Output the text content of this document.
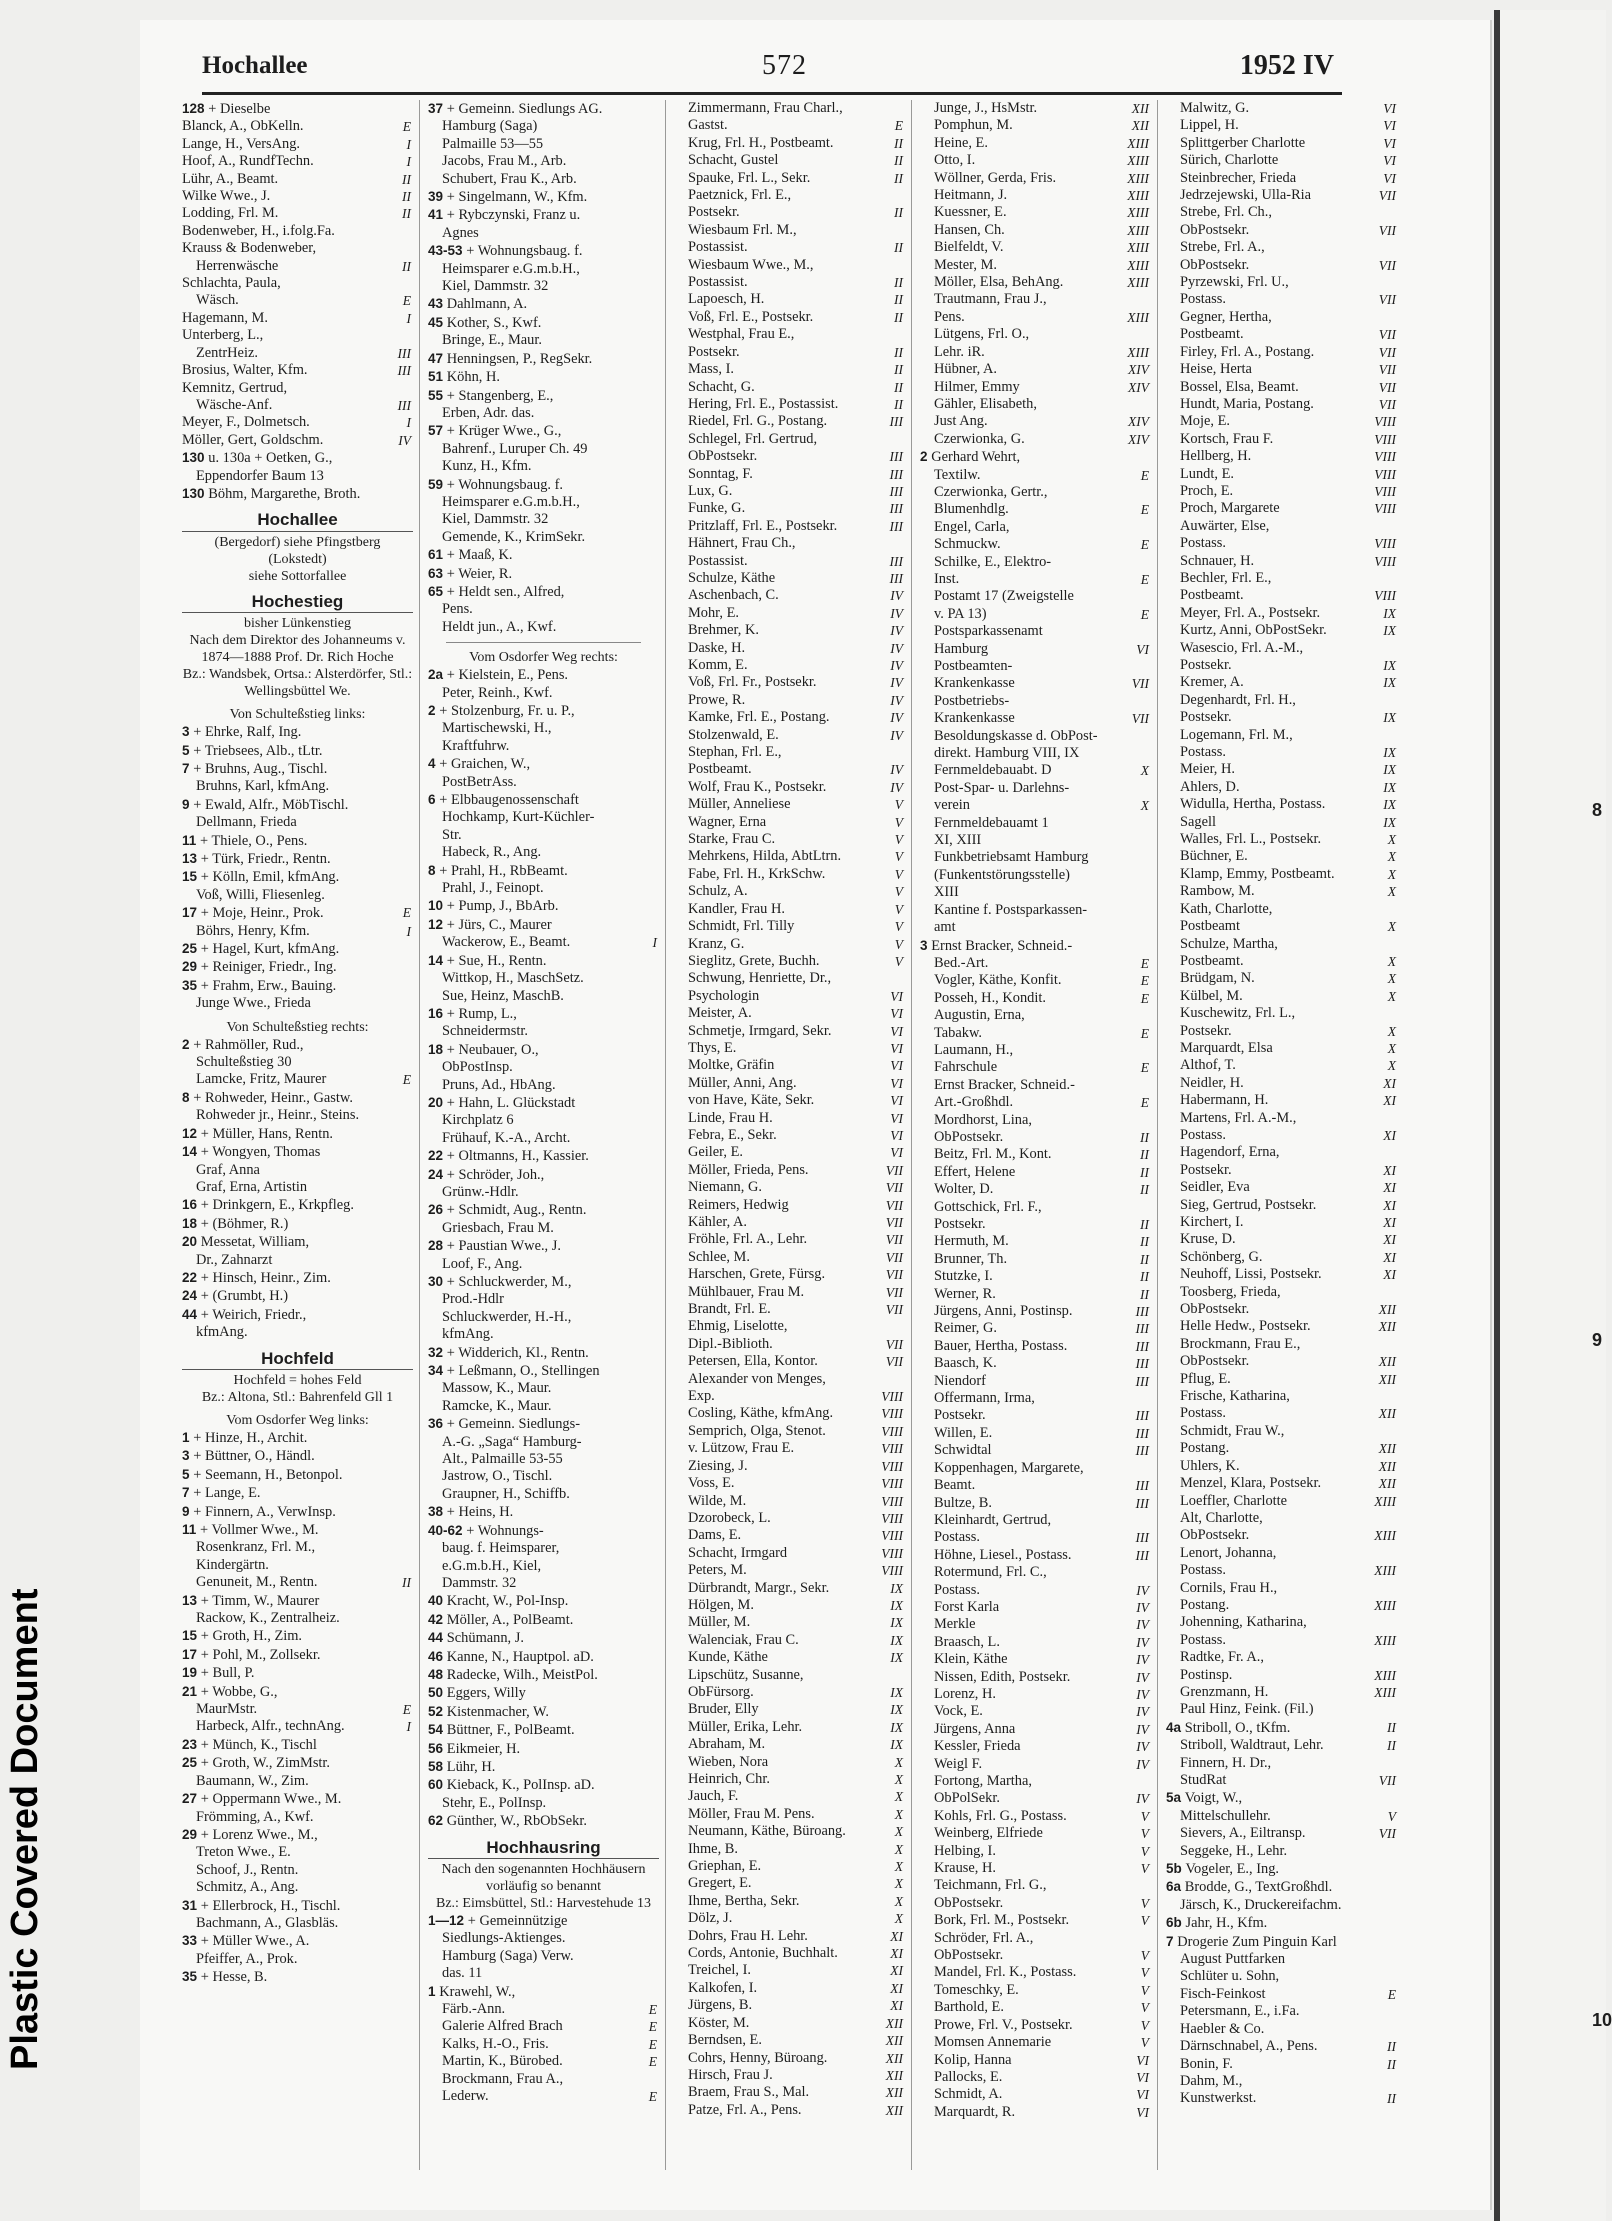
8
9
10
Plastic Covered Document
Hochallee	572	1952 IV
128 + Dieselbe
Blanck, A., ObKelln.	E
Lange, H., VersAng.	I
Hoof, A., RundfTechn.	I
Lühr, A., Beamt.	II
Wilke Wwe., J.	II
Lodding, Frl. M.	II
Bodenweber, H., i.folg.Fa.
Krauss & Bodenweber,
Herrenwäsche	II
Schlachta, Paula,
Wäsch.	E
Hagemann, M.	I
Unterberg, L.,
ZentrHeiz.	III
Brosius, Walter, Kfm.	III
Kemnitz, Gertrud,
Wäsche-Anf.	III
Meyer, F., Dolmetsch.	I
Möller, Gert, Goldschm.	IV
130 u. 130a + Oetken, G.,
Eppendorfer Baum 13
130 Böhm, Margarethe, Broth.
Hochallee
(Bergedorf) siehe Pfingstberg
(Lokstedt)
siehe Sottorfallee
Hochestieg
bisher Lünkenstieg
Nach dem Direktor des Johanneums v. 1874—1888 Prof. Dr. Rich Hoche
Bz.: Wandsbek, Ortsa.: Alsterdörfer, Stl.: Wellingsbüttel We.
Von Schulteßstieg links:
3 + Ehrke, Ralf, Ing.
5 + Triebsees, Alb., tLtr.
7 + Bruhns, Aug., Tischl.
Bruhns, Karl, kfmAng.
9 + Ewald, Alfr., MöbTischl.
Dellmann, Frieda
11 + Thiele, O., Pens.
13 + Türk, Friedr., Rentn.
15 + Kölln, Emil, kfmAng.
Voß, Willi, Fliesenleg.
17 + Moje, Heinr., Prok.	E
Böhrs, Henry, Kfm.	I
25 + Hagel, Kurt, kfmAng.
29 + Reiniger, Friedr., Ing.
35 + Frahm, Erw., Bauing.
Junge Wwe., Frieda
Von Schulteßstieg rechts:
2 + Rahmöller, Rud.,
Schulteßstieg 30
Lamcke, Fritz, Maurer	E
8 + Rohweder, Heinr., Gastw.
Rohweder jr., Heinr., Steins.
12 + Müller, Hans, Rentn.
14 + Wongyen, Thomas
Graf, Anna
Graf, Erna, Artistin
16 + Drinkgern, E., Krkpfleg.
18 + (Böhmer, R.)
20 Messetat, William,
Dr., Zahnarzt
22 + Hinsch, Heinr., Zim.
24 + (Grumbt, H.)
44 + Weirich, Friedr.,
kfmAng.
Hochfeld
Hochfeld = hohes Feld
Bz.: Altona, Stl.: Bahrenfeld Gll 1
Vom Osdorfer Weg links:
1 + Hinze, H., Archit.
3 + Büttner, O., Händl.
5 + Seemann, H., Betonpol.
7 + Lange, E.
9 + Finnern, A., VerwInsp.
11 + Vollmer Wwe., M.
Rosenkranz, Frl. M.,
Kindergärtn.
Genuneit, M., Rentn.	II
13 + Timm, W., Maurer
Rackow, K., Zentralheiz.
15 + Groth, H., Zim.
17 + Pohl, M., Zollsekr.
19 + Bull, P.
21 + Wobbe, G.,
MaurMstr.	E
Harbeck, Alfr., technAng.	I
23 + Münch, K., Tischl
25 + Groth, W., ZimMstr.
Baumann, W., Zim.
27 + Oppermann Wwe., M.
Frömming, A., Kwf.
29 + Lorenz Wwe., M.,
Treton Wwe., E.
Schoof, J., Rentn.
Schmitz, A., Ang.
31 + Ellerbrock, H., Tischl.
Bachmann, A., Glasbläs.
33 + Müller Wwe., A.
Pfeiffer, A., Prok.
35 + Hesse, B.
37 + Gemeinn. Siedlungs AG.
Hamburg (Saga)
Palmaille 53—55
Jacobs, Frau M., Arb.
Schubert, Frau K., Arb.
39 + Singelmann, W., Kfm.
41 + Rybczynski, Franz u.
Agnes
43-53 + Wohnungsbaug. f.
Heimsparer e.G.m.b.H.,
Kiel, Dammstr. 32
43 Dahlmann, A.
45 Kother, S., Kwf.
Bringe, E., Maur.
47 Henningsen, P., RegSekr.
51 Köhn, H.
55 + Stangenberg, E.,
Erben, Adr. das.
57 + Krüger Wwe., G.,
Bahrenf., Luruper Ch. 49
Kunz, H., Kfm.
59 + Wohnungsbaug. f.
Heimsparer e.G.m.b.H.,
Kiel, Dammstr. 32
Gemende, K., KrimSekr.
61 + Maaß, K.
63 + Weier, R.
65 + Heldt sen., Alfred,
Pens.
Heldt jun., A., Kwf.
Vom Osdorfer Weg rechts:
2a + Kielstein, E., Pens.
Peter, Reinh., Kwf.
2 + Stolzenburg, Fr. u. P.,
Martischewski, H.,
Kraftfuhrw.
4 + Graichen, W.,
PostBetrAss.
6 + Elbbaugenossenschaft
Hochkamp, Kurt-Küchler-
Str.
Habeck, R., Ang.
8 + Prahl, H., RbBeamt.
Prahl, J., Feinopt.
10 + Pump, J., BbArb.
12 + Jürs, C., Maurer
Wackerow, E., Beamt.	I
14 + Sue, H., Rentn.
Wittkop, H., MaschSetz.
Sue, Heinz, MaschB.
16 + Rump, L.,
Schneidermstr.
18 + Neubauer, O.,
ObPostInsp.
Pruns, Ad., HbAng.
20 + Hahn, L. Glückstadt
Kirchplatz 6
Frühauf, K.-A., Archt.
22 + Oltmanns, H., Kassier.
24 + Schröder, Joh.,
Grünw.-Hdlr.
26 + Schmidt, Aug., Rentn.
Griesbach, Frau M.
28 + Paustian Wwe., J.
Loof, F., Ang.
30 + Schluckwerder, M.,
Prod.-Hdlr
Schluckwerder, H.-H.,
kfmAng.
32 + Widderich, Kl., Rentn.
34 + Leßmann, O., Stellingen
Massow, K., Maur.
Ramcke, K., Maur.
36 + Gemeinn. Siedlungs-
A.-G. „Saga“ Hamburg-
Alt., Palmaille 53-55
Jastrow, O., Tischl.
Graupner, H., Schiffb.
38 + Heins, H.
40-62 + Wohnungs-
baug. f. Heimsparer,
e.G.m.b.H., Kiel,
Dammstr. 32
40 Kracht, W., Pol-Insp.
42 Möller, A., PolBeamt.
44 Schümann, J.
46 Kanne, N., Hauptpol. aD.
48 Radecke, Wilh., MeistPol.
50 Eggers, Willy
52 Kistenmacher, W.
54 Büttner, F., PolBeamt.
56 Eikmeier, H.
58 Lühr, H.
60 Kieback, K., PolInsp. aD.
Stehr, E., PolInsp.
62 Günther, W., RbObSekr.
Hochhausring
Nach den sogenannten Hochhäusern vorläufig so benannt
Bz.: Eimsbüttel, Stl.: Harvestehude 13
1—12 + Gemeinnützige
Siedlungs-Aktienges.
Hamburg (Saga) Verw.
das. 11
1 Krawehl, W.,
Färb.-Ann.	E
Galerie Alfred Brach	E
Kalks, H.-O., Fris.	E
Martin, K., Bürobed.	E
Brockmann, Frau A.,
Lederw.	E
Zimmermann, Frau Charl.,
Gastst.	E
Krug, Frl. H., Postbeamt.	II
Schacht, Gustel	II
Spauke, Frl. L., Sekr.	II
Paetznick, Frl. E.,
Postsekr.	II
Wiesbaum Frl. M.,
Postassist.	II
Wiesbaum Wwe., M.,
Postassist.	II
Lapoesch, H.	II
Voß, Frl. E., Postsekr.	II
Westphal, Frau E.,
Postsekr.	II
Mass, I.	II
Schacht, G.	II
Hering, Frl. E., Postassist.	II
Riedel, Frl. G., Postang.	III
Schlegel, Frl. Gertrud,
ObPostsekr.	III
Sonntag, F.	III
Lux, G.	III
Funke, G.	III
Pritzlaff, Frl. E., Postsekr.	III
Hähnert, Frau Ch.,
Postassist.	III
Schulze, Käthe	III
Aschenbach, C.	IV
Mohr, E.	IV
Brehmer, K.	IV
Daske, H.	IV
Komm, E.	IV
Voß, Frl. Fr., Postsekr.	IV
Prowe, R.	IV
Kamke, Frl. E., Postang.	IV
Stolzenwald, E.	IV
Stephan, Frl. E.,
Postbeamt.	IV
Wolf, Frau K., Postsekr.	IV
Müller, Anneliese	V
Wagner, Erna	V
Starke, Frau C.	V
Mehrkens, Hilda, AbtLtrn.	V
Fabe, Frl. H., KrkSchw.	V
Schulz, A.	V
Kandler, Frau H.	V
Schmidt, Frl. Tilly	V
Kranz, G.	V
Sieglitz, Grete, Buchh.	V
Schwung, Henriette, Dr.,
Psychologin	VI
Meister, A.	VI
Schmetje, Irmgard, Sekr.	VI
Thys, E.	VI
Moltke, Gräfin	VI
Müller, Anni, Ang.	VI
von Have, Käte, Sekr.	VI
Linde, Frau H.	VI
Febra, E., Sekr.	VI
Geiler, E.	VI
Möller, Frieda, Pens.	VII
Niemann, G.	VII
Reimers, Hedwig	VII
Kähler, A.	VII
Fröhle, Frl. A., Lehr.	VII
Schlee, M.	VII
Harschen, Grete, Fürsg.	VII
Mühlbauer, Frau M.	VII
Brandt, Frl. E.	VII
Ehmig, Liselotte,
Dipl.-Biblioth.	VII
Petersen, Ella, Kontor.	VII
Alexander von Menges,
Exp.	VIII
Cosling, Käthe, kfmAng.	VIII
Semprich, Olga, Stenot.	VIII
v. Lützow, Frau E.	VIII
Ziesing, J.	VIII
Voss, E.	VIII
Wilde, M.	VIII
Dzorobeck, L.	VIII
Dams, E.	VIII
Schacht, Irmgard	VIII
Peters, M.	VIII
Dürbrandt, Margr., Sekr.	IX
Hölgen, M.	IX
Müller, M.	IX
Walenciak, Frau C.	IX
Kunde, Käthe	IX
Lipschütz, Susanne,
ObFürsorg.	IX
Bruder, Elly	IX
Müller, Erika, Lehr.	IX
Abraham, M.	IX
Wieben, Nora	X
Heinrich, Chr.	X
Jauch, F.	X
Möller, Frau M. Pens.	X
Neumann, Käthe, Büroang.	X
Ihme, B.	X
Griephan, E.	X
Gregert, E.	X
Ihme, Bertha, Sekr.	X
Dölz, J.	X
Dohrs, Frau H. Lehr.	XI
Cords, Antonie, Buchhalt.	XI
Treichel, I.	XI
Kalkofen, I.	XI
Jürgens, B.	XI
Köster, M.	XII
Berndsen, E.	XII
Cohrs, Henny, Büroang.	XII
Hirsch, Frau J.	XII
Braem, Frau S., Mal.	XII
Patze, Frl. A., Pens.	XII
Junge, J., HsMstr.	XII
Pomphun, M.	XII
Heine, E.	XIII
Otto, I.	XIII
Wöllner, Gerda, Fris.	XIII
Heitmann, J.	XIII
Kuessner, E.	XIII
Hansen, Ch.	XIII
Bielfeldt, V.	XIII
Mester, M.	XIII
Möller, Elsa, BehAng.	XIII
Trautmann, Frau J.,
Pens.	XIII
Lütgens, Frl. O.,
Lehr. iR.	XIII
Hübner, A.	XIV
Hilmer, Emmy	XIV
Gähler, Elisabeth,
Just Ang.	XIV
Czerwionka, G.	XIV
2 Gerhard Wehrt,
Textilw.	E
Czerwionka, Gertr.,
Blumenhdlg.	E
Engel, Carla,
Schmuckw.	E
Schilke, E., Elektro-
Inst.	E
Postamt 17 (Zweigstelle
v. PA 13)	E
Postsparkassenamt
Hamburg	VI
Postbeamten-
Krankenkasse	VII
Postbetriebs-
Krankenkasse	VII
Besoldungskasse d. ObPost-
direkt. Hamburg VIII, IX
Fernmeldebauabt. D	X
Post-Spar- u. Darlehns-
verein	X
Fernmeldebauamt 1
XI, XIII
Funkbetriebsamt Hamburg
(Funkentstörungsstelle)
XIII
Kantine f. Postsparkassen-
amt
3 Ernst Bracker, Schneid.-
Bed.-Art.	E
Vogler, Käthe, Konfit.	E
Posseh, H., Kondit.	E
Augustin, Erna,
Tabakw.	E
Laumann, H.,
Fahrschule	E
Ernst Bracker, Schneid.-
Art.-Großhdl.	E
Mordhorst, Lina,
ObPostsekr.	II
Beitz, Frl. M., Kont.	II
Effert, Helene	II
Wolter, D.	II
Gottschick, Frl. F.,
Postsekr.	II
Hermuth, M.	II
Brunner, Th.	II
Stutzke, I.	II
Werner, R.	II
Jürgens, Anni, Postinsp.	III
Reimer, G.	III
Bauer, Hertha, Postass.	III
Baasch, K.	III
Niendorf	III
Offermann, Irma,
Postsekr.	III
Willen, E.	III
Schwidtal	III
Koppenhagen, Margarete,
Beamt.	III
Bultze, B.	III
Kleinhardt, Gertrud,
Postass.	III
Höhne, Liesel., Postass.	III
Rotermund, Frl. C.,
Postass.	IV
Forst Karla	IV
Merkle	IV
Braasch, L.	IV
Klein, Käthe	IV
Nissen, Edith, Postsekr.	IV
Lorenz, H.	IV
Vock, E.	IV
Jürgens, Anna	IV
Kessler, Frieda	IV
Weigl F.	IV
Fortong, Martha,
ObPolSekr.	IV
Kohls, Frl. G., Postass.	V
Weinberg, Elfriede	V
Helbing, I.	V
Krause, H.	V
Teichmann, Frl. G.,
ObPostsekr.	V
Bork, Frl. M., Postsekr.	V
Schröder, Frl. A.,
ObPostsekr.	V
Mandel, Frl. K., Postass.	V
Tomeschky, E.	V
Barthold, E.	V
Prowe, Frl. V., Postsekr.	V
Momsen Annemarie	V
Kolip, Hanna	VI
Pallocks, E.	VI
Schmidt, A.	VI
Marquardt, R.	VI
Malwitz, G.	VI
Lippel, H.	VI
Splittgerber Charlotte	VI
Sürich, Charlotte	VI
Steinbrecher, Frieda	VI
Jedrzejewski, Ulla-Ria	VII
Strebe, Frl. Ch.,
ObPostsekr.	VII
Strebe, Frl. A.,
ObPostsekr.	VII
Pyrzewski, Frl. U.,
Postass.	VII
Gegner, Hertha,
Postbeamt.	VII
Firley, Frl. A., Postang.	VII
Heise, Herta	VII
Bossel, Elsa, Beamt.	VII
Hundt, Maria, Postang.	VII
Moje, E.	VIII
Kortsch, Frau F.	VIII
Hellberg, H.	VIII
Lundt, E.	VIII
Proch, E.	VIII
Proch, Margarete	VIII
Auwärter, Else,
Postass.	VIII
Schnauer, H.	VIII
Bechler, Frl. E.,
Postbeamt.	VIII
Meyer, Frl. A., Postsekr.	IX
Kurtz, Anni, ObPostSekr.	IX
Wasescio, Frl. A.-M.,
Postsekr.	IX
Kremer, A.	IX
Degenhardt, Frl. H.,
Postsekr.	IX
Logemann, Frl. M.,
Postass.	IX
Meier, H.	IX
Ahlers, D.	IX
Widulla, Hertha, Postass.	IX
Sagell	IX
Walles, Frl. L., Postsekr.	X
Büchner, E.	X
Klamp, Emmy, Postbeamt.	X
Rambow, M.	X
Kath, Charlotte,
Postbeamt	X
Schulze, Martha,
Postbeamt.	X
Brüdgam, N.	X
Külbel, M.	X
Kuschewitz, Frl. L.,
Postsekr.	X
Marquardt, Elsa	X
Althof, T.	X
Neidler, H.	XI
Habermann, H.	XI
Martens, Frl. A.-M.,
Postass.	XI
Hagendorf, Erna,
Postsekr.	XI
Seidler, Eva	XI
Sieg, Gertrud, Postsekr.	XI
Kirchert, I.	XI
Kruse, D.	XI
Schönberg, G.	XI
Neuhoff, Lissi, Postsekr.	XI
Toosberg, Frieda,
ObPostsekr.	XII
Helle Hedw., Postsekr.	XII
Brockmann, Frau E.,
ObPostsekr.	XII
Pflug, E.	XII
Frische, Katharina,
Postass.	XII
Schmidt, Frau W.,
Postang.	XII
Uhlers, K.	XII
Menzel, Klara, Postsekr.	XII
Loeffler, Charlotte	XIII
Alt, Charlotte,
ObPostsekr.	XIII
Lenort, Johanna,
Postass.	XIII
Cornils, Frau H.,
Postang.	XIII
Johenning, Katharina,
Postass.	XIII
Radtke, Fr. A.,
Postinsp.	XIII
Grenzmann, H.	XIII
Paul Hinz, Feink. (Fil.)
4a Striboll, O., tKfm.	II
Striboll, Waldtraut, Lehr.	II
Finnern, H. Dr.,
StudRat	VII
5a Voigt, W.,
Mittelschullehr.	V
Sievers, A., Eiltransp.	VII
Seggeke, H., Lehr.
5b Vogeler, E., Ing.
6a Brodde, G., TextGroßhdl.
Järsch, K., Druckereifachm.
6b Jahr, H., Kfm.
7 Drogerie Zum Pinguin Karl
August Puttfarken
Schlüter u. Sohn,
Fisch-Feinkost	E
Petersmann, E., i.Fa.
Haebler & Co.
Därnschnabel, A., Pens.	II
Bonin, F.	II
Dahm, M.,
Kunstwerkst.	II
